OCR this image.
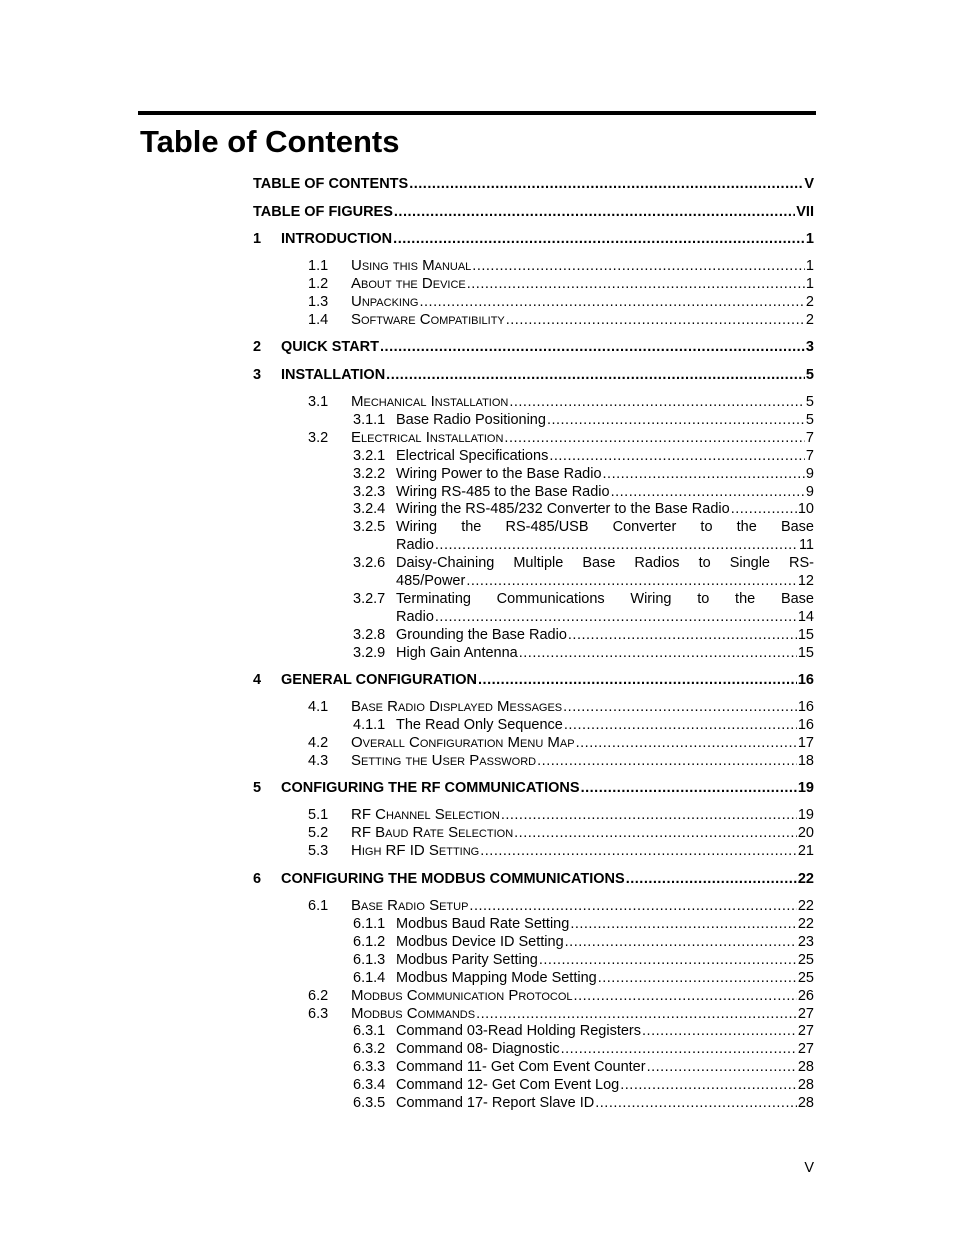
Table of Contents
TABLE OF CONTENTS .....	V
TABLE OF FIGURES .....	VII
1 INTRODUCTION .....	1
1.1 Using this Manual .....	1
1.2 About the Device .....	1
1.3 Unpacking .....	2
1.4 Software Compatibility .....	2
2 QUICK START .....	3
3 INSTALLATION .....	5
3.1 Mechanical Installation .....	5
3.1.1 Base Radio Positioning .....	5
3.2 Electrical Installation .....	7
3.2.1 Electrical Specifications .....	7
3.2.2 Wiring Power to the Base Radio .....	9
3.2.3 Wiring RS-485 to the Base Radio .....	9
3.2.4 Wiring the RS-485/232 Converter to the Base Radio .....	10
3.2.5 Wiring the RS-485/USB Converter to the Base
Radio .....	11
3.2.6 Daisy-Chaining Multiple Base Radios to Single RS-
485/Power .....	12
3.2.7 Terminating Communications Wiring to the Base
Radio .....	14
3.2.8 Grounding the Base Radio .....	15
3.2.9 High Gain Antenna .....	15
4 GENERAL CONFIGURATION .....	16
4.1 Base Radio Displayed Messages .....	16
4.1.1 The Read Only Sequence .....	16
4.2 Overall Configuration Menu Map .....	17
4.3 Setting the User Password .....	18
5 CONFIGURING THE RF COMMUNICATIONS .....	19
5.1 RF Channel Selection .....	19
5.2 RF Baud Rate Selection .....	20
5.3 High RF ID Setting .....	21
6 CONFIGURING THE MODBUS COMMUNICATIONS .....	22
6.1 Base Radio Setup .....	22
6.1.1 Modbus Baud Rate Setting .....	22
6.1.2 Modbus Device ID Setting .....	23
6.1.3 Modbus Parity Setting .....	25
6.1.4 Modbus Mapping Mode Setting .....	25
6.2 Modbus Communication Protocol .....	26
6.3 Modbus Commands .....	27
6.3.1 Command 03-Read Holding Registers .....	27
6.3.2 Command 08- Diagnostic .....	27
6.3.3 Command 11- Get Com Event Counter .....	28
6.3.4 Command 12- Get Com Event Log .....	28
6.3.5 Command 17- Report Slave ID .....	28
V
